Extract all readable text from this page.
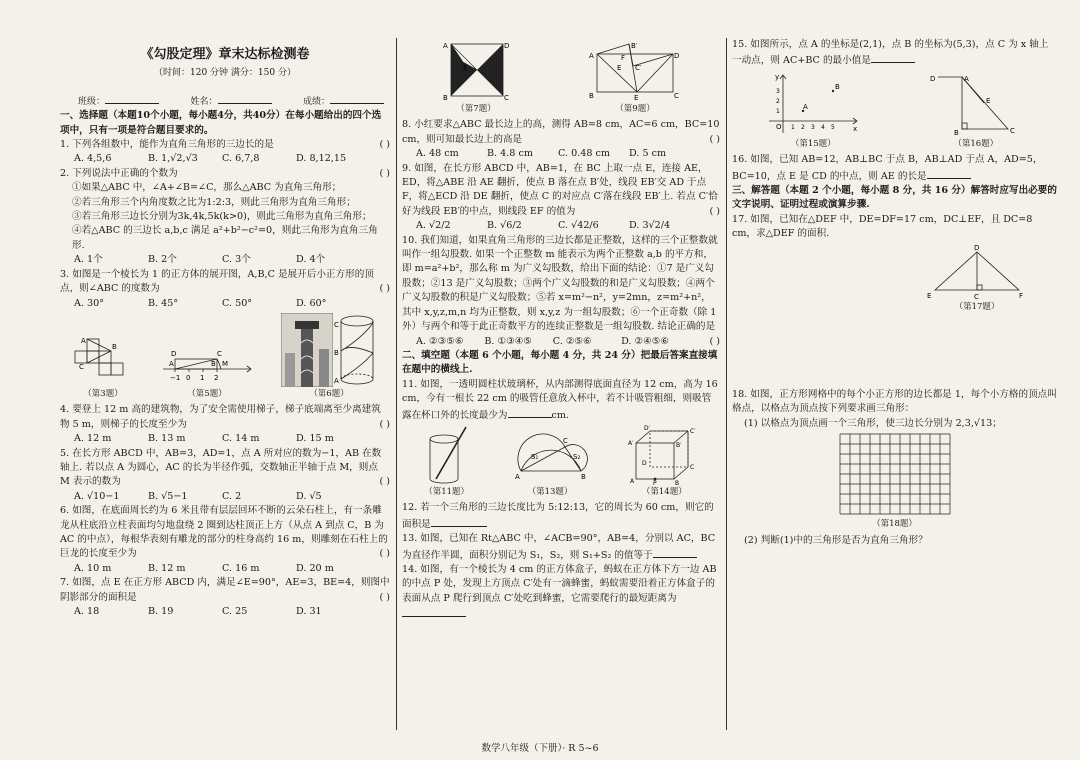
《勾股定理》章末达标检测卷
（时间：120 分钟 满分：150 分）
班级：	姓名：	成绩：

一、选择题（本题10个小题，每小题4分，共40分）在每小题给出的四个选项中，只有一项是符合题目要求的。

1. 下列各组数中，能作为直角三角形的三边长的是	( )

A. 4,5,6	B. 1,√2,√3	C. 6,7,8	D. 8,12,15

2. 下列说法中正确的个数为	( )

①如果△ABC 中，∠A+∠B=∠C，那么△ABC 为直角三角形；

②若三角形三个内角度数之比为1:2:3，则此三角形为直角三角形；

③若三角形三边长分别为3k,4k,5k(k>0)，则此三角形为直角三角形；

④若△ABC 的三边长 a,b,c 满足 a²+b²−c²=0，则此三角形为直角三角形.

A. 1个	B. 2个	C. 3个	D. 4个

3. 如图是一个棱长为 1 的正方体的展开图，A,B,C 是展开后小正方形的顶点，则∠ABC 的度数为	( )

A. 30°	B. 45°	C. 50°	D. 60°
A
B
C
（第3题）
D	C
A	B M
−1 0 1 2
（第5题）
C
B
A
（第6题）

4. 要登上 12 m 高的建筑物，为了安全需使用梯子，梯子底端离至少离建筑物 5 m，则梯子的长度至少为	( )

A. 12 m	B. 13 m	C. 14 m	D. 15 m

5. 在长方形 ABCD 中，AB=3，AD=1，点 A 所对应的数为−1，AB 在数轴上. 若以点 A 为圆心，AC 的长为半径作弧，交数轴正半轴于点 M，则点 M 表示的数为	( )

A. √10−1	B. √5−1	C. 2	D. √5

6. 如图，在底面周长约为 6 米且带有层层回环不断的云朵石柱上，有一条雕龙从柱底沿立柱表面均匀地盘绕 2 圈到达柱顶正上方（从点 A 到点 C，B 为 AC 的中点），每根华表刻有雕龙的部分的柱身高约 16 m，则雕刻在石柱上的巨龙的长度至少为	( )

A. 10 m	B. 12 m	C. 16 m	D. 20 m

7. 如图，点 E 在正方形 ABCD 内，满足∠E=90°，AE=3，BE=4，则图中阴影部分的面积是	( )

A. 18	B. 19	C. 25	D. 31
A	D
E
B	C
（第7题）
A
B′
D
F
E C′
B	E	C
（第9题）

8. 小红要求△ABC 最长边上的高，测得 AB=8 cm，AC=6 cm，BC=10 cm，则可知最长边上的高是	( )

A. 48 cm	B. 4.8 cm	C. 0.48 cm	D. 5 cm

9. 如图，在长方形 ABCD 中，AB=1，在 BC 上取一点 E，连接 AE，ED，将△ABE 沿 AE 翻折，使点 B 落在点 B′处，线段 EB′交 AD 于点 F，将△ECD 沿 DE 翻折，使点 C 的对应点 C′落在线段 EB′上. 若点 C′恰好为线段 EB′的中点，则线段 EF 的值为	( )

A. √2/2	B. √6/2	C. √42/6	D. 3√2/4

10. 我们知道，如果直角三角形的三边长都是正整数，这样的三个正整数就叫作一组勾股数. 如果一个正整数 m 能表示为两个正整数 a,b 的平方和，即 m=a²+b²，那么称 m 为广义勾股数，给出下面的结论：①7 是广义勾股数；②13 是广义勾股数；③两个广义勾股数的和是广义勾股数；④两个广义勾股数的积是广义勾股数；⑤若 x=m²−n²，y=2mn，z=m²+n²，其中 x,y,z,m,n 均为正整数，则 x,y,z 为一组勾股数；⑥一个正奇数（除 1 外）与两个和等于此正奇数平方的连续正整数是一组勾股数. 结论正确的是
( )

A. ②③⑤⑥	B. ①③④⑤	C. ②⑤⑥	D. ②④⑤⑥

二、填空题（本题 6 个小题，每小题 4 分，共 24 分）把最后答案直接填在题中的横线上.

11. 如图，一透明圆柱状玻璃杯，从内部测得底面直径为 12 cm，高为 16 cm，今有一根长 22 cm 的吸管任意放入杯中，若不计吸管粗细，则吸管露在杯口外的长度最少为	cm.

（第11题）
S₁	S₂
A
C
B
（第13题）
D′	C′
A′	B′
D
C
A	P	B
（第14题）

12. 若一个三角形的三边长度比为 5:12:13，它的周长为 60 cm，则它的面积是

13. 如图，已知在 Rt△ABC 中，∠ACB=90°，AB=4，分别以 AC，BC 为直径作半圆，面积分别记为 S₁，S₂，则 S₁+S₂ 的值等于

14. 如图，有一个棱长为 4 cm 的正方体盒子，蚂蚁在正方体下方一边 AB 的中点 P 处，发现上方顶点 C′处有一滴蜂蜜，蚂蚁需要沿着正方体盒子的表面从点 P 爬行到顶点 C′处吃到蜂蜜，它需要爬行的最短距离为

15. 如图所示，点 A 的坐标是(2,1)，点 B 的坐标为(5,3)，点 C 为 x 轴上一动点，则 AC+BC 的最小值是

y
x
A
B
O 1 2 3 4 5
1
2
3
（第15题）
D	A
E
B	C
（第16题）

16. 如图，已知 AB=12，AB⊥BC 于点 B，AB⊥AD 于点 A，AD=5，BC=10，点 E 是 CD 的中点，则 AE 的长是

三、解答题（本题 2 个小题，每小题 8 分，共 16 分）解答时应写出必要的文字说明、证明过程或演算步骤.

17. 如图，已知在△DEF 中，DE=DF=17 cm，DC⊥EF，且 DC=8 cm，求△DEF 的面积.

D
E	C	F
（第17题）

18. 如图，正方形网格中的每个小正方形的边长都是 1，每个小方格的顶点叫格点，以格点为顶点按下列要求画三角形：

(1) 以格点为顶点画一个三角形，使三边长分别为 2,3,√13；

（第18题）

(2) 判断(1)中的三角形是否为直角三角形？

数学八年级（下册）· R 5~6
